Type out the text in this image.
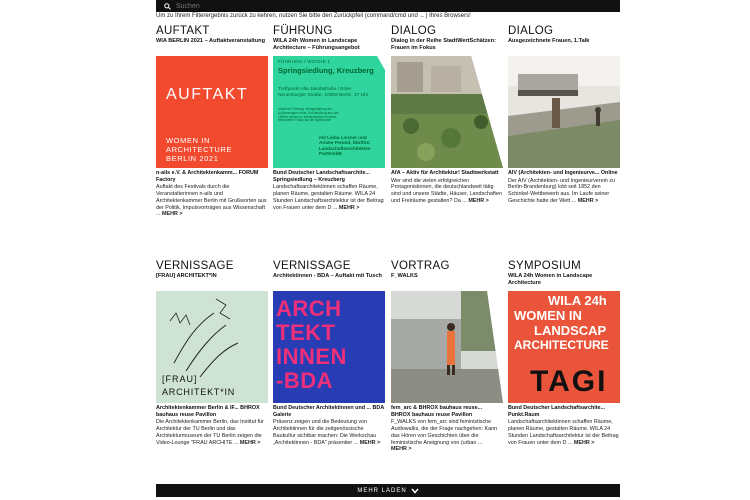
Suchen
Um zu Ihrem Filterergebnis zurück zu kehren, nutzen Sie bitte den Zurückpfeil (command/cmd und ←) Ihres Browsers!
AUFTAKT
WIA BERLIN 2021 – Auftaktveranstaltung
AUFTAKT
WOMEN IN
ARCHITECTURE
BERLIN 2021
n-ails e.V. & Architektenkamm... FORUM Factory
Auftakt des Festivals durch die Veranstalterinnen n-ails und Architektenkammer Berlin mit Grußworten aus der Politik, Impulsvorträgen aus Wissenschaft ... MEHR >
FÜHRUNG
WILA 24h Women in Landscape Architecture – Führungsangebot
FÜHRUNG / WOCHE 1
Springsiedlung, Kreuzberg
Treffpunkt Alte Jakobstraße / Ecke Neuenburger Straße, 10969 Berlin, 17 Uhr
Inhalt der Führung: Neugestaltung der Außenanlagen einer Großsiedlung aus den 1960er Jahren im interkulturellen Kontext, besonderer Fokus auf die Spielräume
mit Lioba Lissner und Ariane Freund, bbzl/GC Landschaftsarchitekten PartGmbB
Bund Deutscher Landschaftsarchite... Springsiedlung – Kreuzberg
Landschaftsarchitektinnen schaffen Räume, planen Räume, gestalten Räume. WILA 24 Stunden Landschaftsarchitektur ist der Beitrag von Frauen unter dem D ... MEHR >
DIALOG
Dialog in der Reihe StadtWertSchätzen: Frauen im Fokus
AfA – Aktiv für Architektur! Stadtwerkstatt
Wer sind die vielen erfolgreichen Protagonistinnen, die deutschlandweit tätig sind und unsere Städte, Häuser, Landschaften und Freiräume gestalten? Da ... MEHR >
DIALOG
Ausgezeichnete Frauen, 1.Talk
AIV (Architekten- und Ingenieurve... Online
Der AIV (Architekten- und Ingenieurverein zu Berlin-Brandenburg) lobt seit 1852 den Schinkel-Wettbewerb aus. Im Laufe seiner Geschichte hatte der Wett ... MEHR >
VERNISSAGE
[FRAU] ARCHITEKT*IN
[FRAU]
ARCHITEKT*IN
Architektenkammer Berlin & IF... BHROX bauhaus reuse Pavillon
Die Architektenkammer Berlin, das Institut für Architektur der TU Berlin und das Architekturmuseum der TU Berlin zeigen die Video-Lounge "FRAU ARCHITE ... MEHR >
VERNISSAGE
Architektinnen - BDA – Auftakt mit Tusch
ARCH
TEKT
INNEN
-BDA
Bund Deutscher Architektinnen und ... BDA Galerie
Präsenz zeigen und die Bedeutung von Architektinnen für die zeitgenössische Baukultur sichtbar machen: Die Werkschau „Architektinnen - BDA" präsentier ... MEHR >
VORTRAG
F_WALKS
fem_arc & BHROX bauhaus reuse... BHROX bauhaus reuse Pavillon
F_WALKS von fem_arc sind feministische Audiowalks, die der Frage nachgehen: Kann das Hören von Geschichten über die feministische Aneignung von (urban ... MEHR >
SYMPOSIUM
WILA 24h Women in Landscape Architecture
WILA 24h
WOMEN IN
LANDSCAP
ARCHITECTURE
TAGI
Bund Deutscher Landschaftsarchite... Punkt.Raum
Landschaftsarchitektinnen schaffen Räume, planen Räume, gestalten Räume. WILA 24 Stunden Landschaftsarchitektur ist der Beitrag von Frauen unter dem D ... MEHR >
MEHR LADEN
